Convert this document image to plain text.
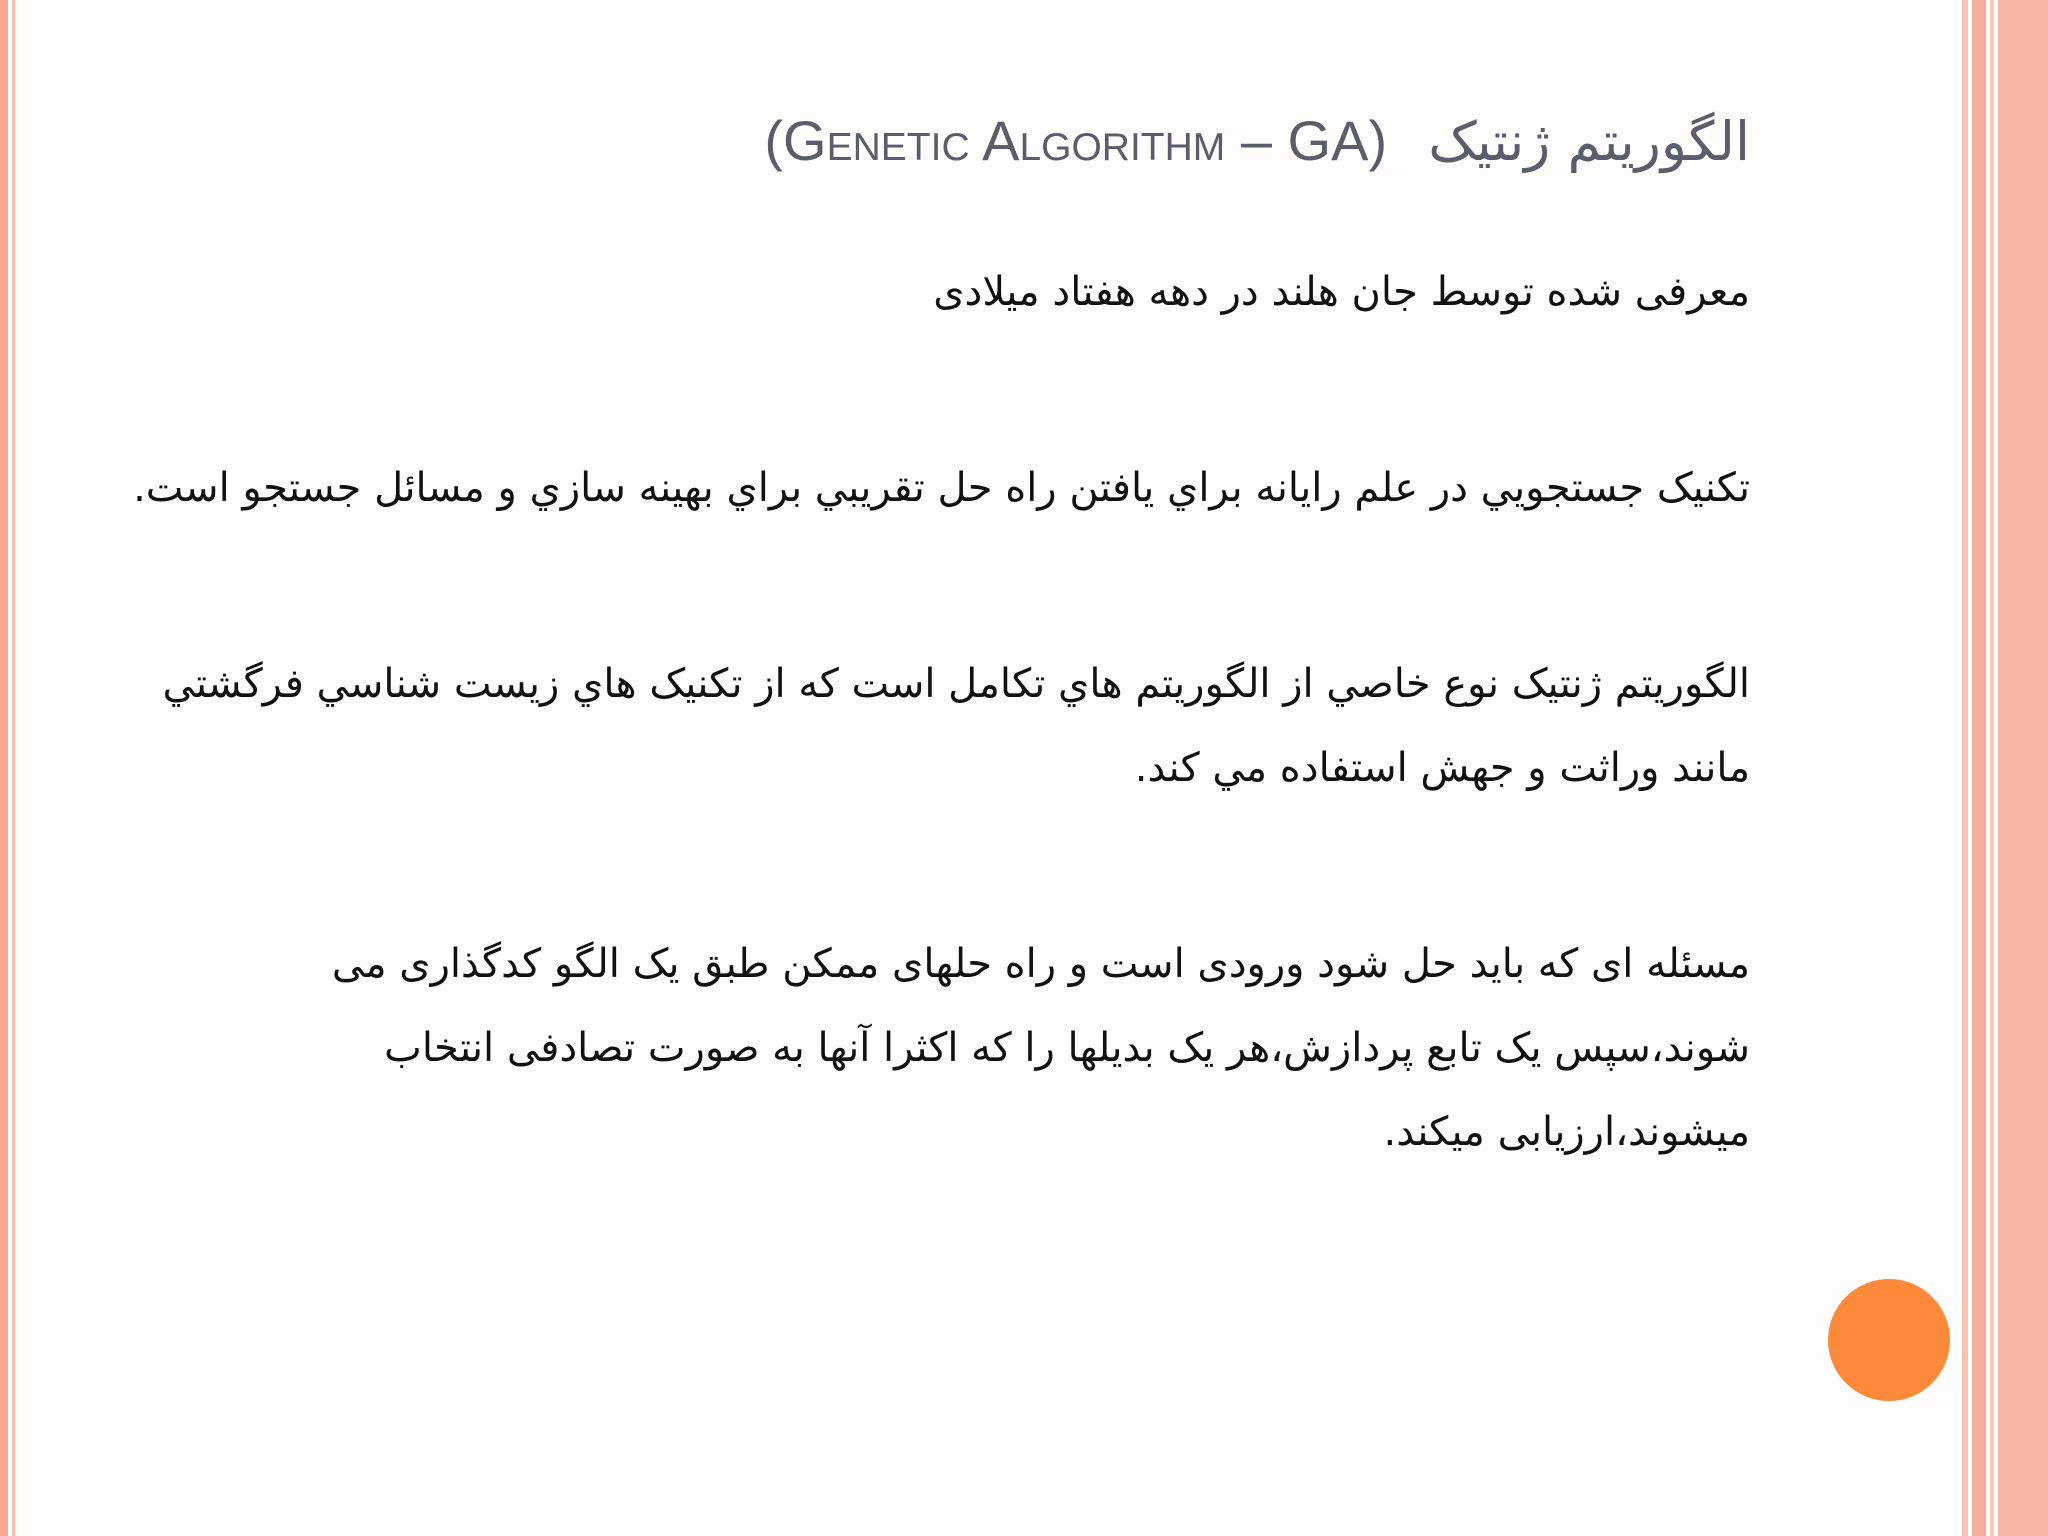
الگوريتم ژنتيک (Genetic Algorithm – GA)

معرفی شده توسط جان هلند در دهه هفتاد میلادی

تکنيک جستجويي در علم رايانه براي يافتن راه حل تقريبي براي بهينه سازي و مسائل جستجو است.

الگوريتم ژنتيک نوع خاصي از الگوريتم هاي تکامل است که از تکنيک هاي زيست شناسي فرگشتي مانند وراثت و جهش استفاده مي کند.

مسئله ای که باید حل شود ورودی است و راه حلهای ممکن طبق یک الگو کدگذاری می شوند،سپس یک تابع پردازش،هر یک بدیلها را که اکثرا آنها به صورت تصادفی انتخاب میشوند،ارزیابی میکند.
